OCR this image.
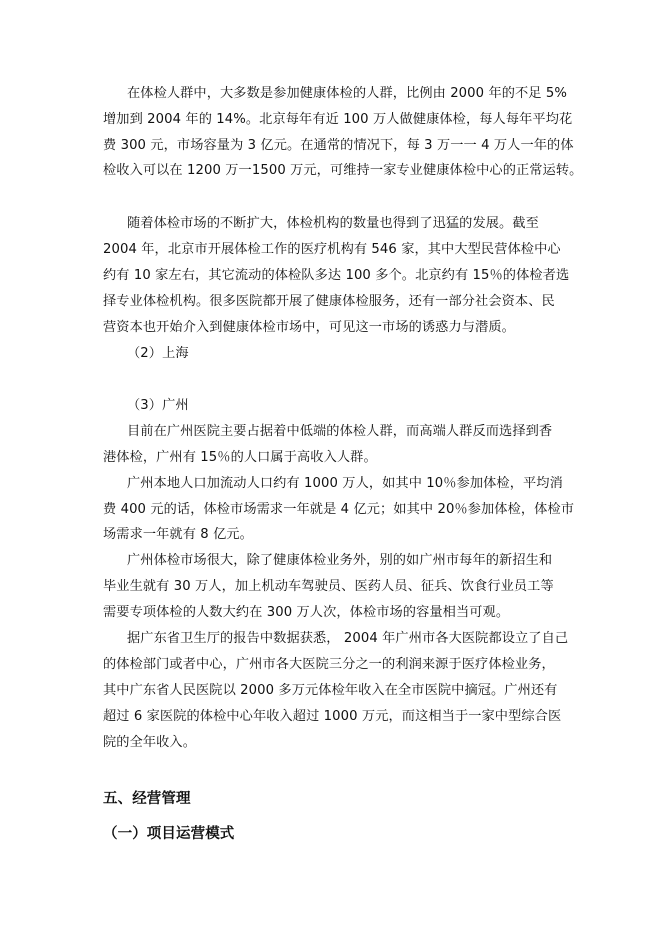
在体检人群中，大多数是参加健康体检的人群，比例由 2000 年的不足 5%
增加到 2004 年的 14%。北京每年有近 100 万人做健康体检，每人每年平均花
费 300 元，市场容量为 3 亿元。在通常的情况下，每 3 万一一 4 万人一年的体
检收入可以在 1200 万一1500 万元，可维持一家专业健康体检中心的正常运转。
随着体检市场的不断扩大，体检机构的数量也得到了迅猛的发展。截至
2004 年，北京市开展体检工作的医疗机构有 546 家，其中大型民营体检中心
约有 10 家左右，其它流动的体检队多达 100 多个。北京约有 15％的体检者选
择专业体检机构。很多医院都开展了健康体检服务，还有一部分社会资本、民
营资本也开始介入到健康体检市场中，可见这一市场的诱惑力与潜质。
（2）上海
（3）广州
目前在广州医院主要占据着中低端的体检人群，而高端人群反而选择到香
港体检，广州有 15％的人口属于高收入人群。
广州本地人口加流动人口约有 1000 万人，如其中 10％参加体检，平均消
费 400 元的话，体检市场需求一年就是 4 亿元；如其中 20％参加体检，体检市
场需求一年就有 8 亿元。
广州体检市场很大，除了健康体检业务外，别的如广州市每年的新招生和
毕业生就有 30 万人，加上机动车驾驶员、医药人员、征兵、饮食行业员工等
需要专项体检的人数大约在 300 万人次，体检市场的容量相当可观。
据广东省卫生厅的报告中数据获悉， 2004 年广州市各大医院都设立了自己
的体检部门或者中心，广州市各大医院三分之一的利润来源于医疗体检业务，
其中广东省人民医院以 2000 多万元体检年收入在全市医院中摘冠。广州还有
超过 6 家医院的体检中心年收入超过 1000 万元，而这相当于一家中型综合医
院的全年收入。
五、经营管理
（一）项目运营模式
